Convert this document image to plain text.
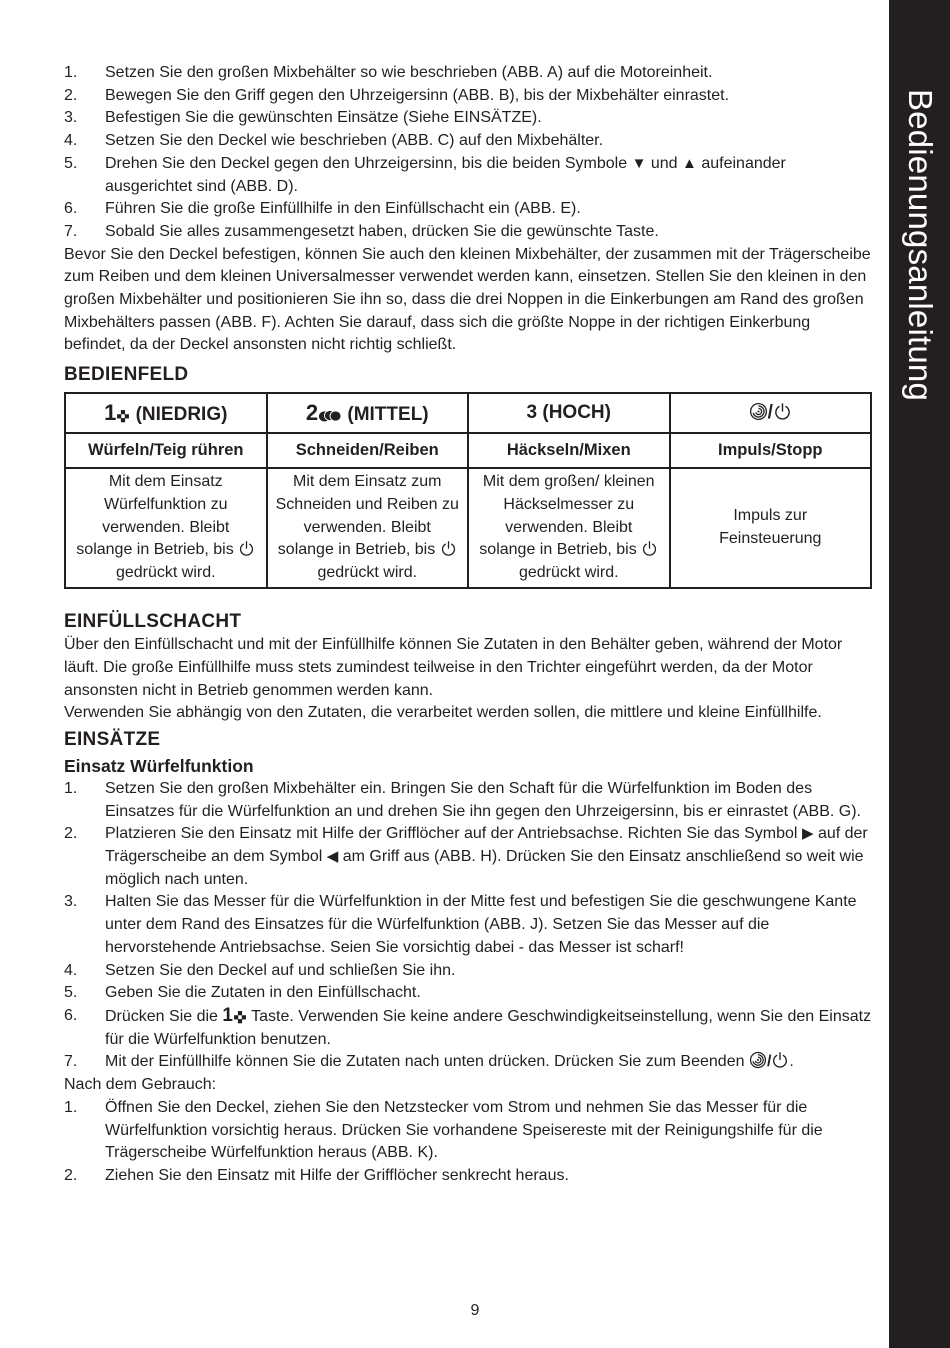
Bedienungsanleitung
1. Setzen Sie den großen Mixbehälter so wie beschrieben (ABB. A) auf die Motoreinheit.
2. Bewegen Sie den Griff gegen den Uhrzeigersinn (ABB. B), bis der Mixbehälter einrastet.
3. Befestigen Sie die gewünschten Einsätze (Siehe EINSÄTZE).
4. Setzen Sie den Deckel wie beschrieben (ABB. C) auf den Mixbehälter.
5. Drehen Sie den Deckel gegen den Uhrzeigersinn, bis die beiden Symbole ▼ und ▲ aufeinander ausgerichtet sind (ABB. D).
6. Führen Sie die große Einfüllhilfe in den Einfüllschacht ein (ABB. E).
7. Sobald Sie alles zusammengesetzt haben, drücken Sie die gewünschte Taste.
Bevor Sie den Deckel befestigen, können Sie auch den kleinen Mixbehälter, der zusammen mit der Trägerscheibe zum Reiben und dem kleinen Universalmesser verwendet werden kann, einsetzen. Stellen Sie den kleinen in den großen Mixbehälter und positionieren Sie ihn so, dass die drei Noppen in die Einkerbungen am Rand des großen Mixbehälters passen (ABB. F). Achten Sie darauf, dass sich die größte Noppe in der richtigen Einkerbung befindet, da der Deckel ansonsten nicht richtig schließt.
BEDIENFELD
1 (NIEDRIG)	2 (MITTEL)	3 (HOCH)	/
Würfeln/Teig rühren	Schneiden/Reiben	Häckseln/Mixen	Impuls/Stopp
Mit dem Einsatz Würfelfunktion zu verwenden. Bleibt solange in Betrieb, bis gedrückt wird.	Mit dem Einsatz zum Schneiden und Reiben zu verwenden. Bleibt solange in Betrieb, bis gedrückt wird.	Mit dem großen/ kleinen Häckselmesser zu verwenden. Bleibt solange in Betrieb, bis gedrückt wird.	Impuls zur Feinsteuerung
EINFÜLLSCHACHT
Über den Einfüllschacht und mit der Einfüllhilfe können Sie Zutaten in den Behälter geben, während der Motor läuft. Die große Einfüllhilfe muss stets zumindest teilweise in den Trichter eingeführt werden, da der Motor ansonsten nicht in Betrieb genommen werden kann.
Verwenden Sie abhängig von den Zutaten, die verarbeitet werden sollen, die mittlere und kleine Einfüllhilfe.
EINSÄTZE
Einsatz Würfelfunktion
1. Setzen Sie den großen Mixbehälter ein. Bringen Sie den Schaft für die Würfelfunktion im Boden des Einsatzes für die Würfelfunktion an und drehen Sie ihn gegen den Uhrzeigersinn, bis er einrastet (ABB. G).
2. Platzieren Sie den Einsatz mit Hilfe der Grifflöcher auf der Antriebsachse. Richten Sie das Symbol ▶ auf der Trägerscheibe an dem Symbol ◀ am Griff aus (ABB. H). Drücken Sie den Einsatz anschließend so weit wie möglich nach unten.
3. Halten Sie das Messer für die Würfelfunktion in der Mitte fest und befestigen Sie die geschwungene Kante unter dem Rand des Einsatzes für die Würfelfunktion (ABB. J). Setzen Sie das Messer auf die hervorstehende Antriebsachse. Seien Sie vorsichtig dabei - das Messer ist scharf!
4. Setzen Sie den Deckel auf und schließen Sie ihn.
5. Geben Sie die Zutaten in den Einfüllschacht.
6. Drücken Sie die 1 Taste. Verwenden Sie keine andere Geschwindigkeitseinstellung, wenn Sie den Einsatz für die Würfelfunktion benutzen.
7. Mit der Einfüllhilfe können Sie die Zutaten nach unten drücken. Drücken Sie zum Beenden / .
Nach dem Gebrauch:
1. Öffnen Sie den Deckel, ziehen Sie den Netzstecker vom Strom und nehmen Sie das Messer für die Würfelfunktion vorsichtig heraus. Drücken Sie vorhandene Speisereste mit der Reinigungshilfe für die Trägerscheibe Würfelfunktion heraus (ABB. K).
2. Ziehen Sie den Einsatz mit Hilfe der Grifflöcher senkrecht heraus.
9
